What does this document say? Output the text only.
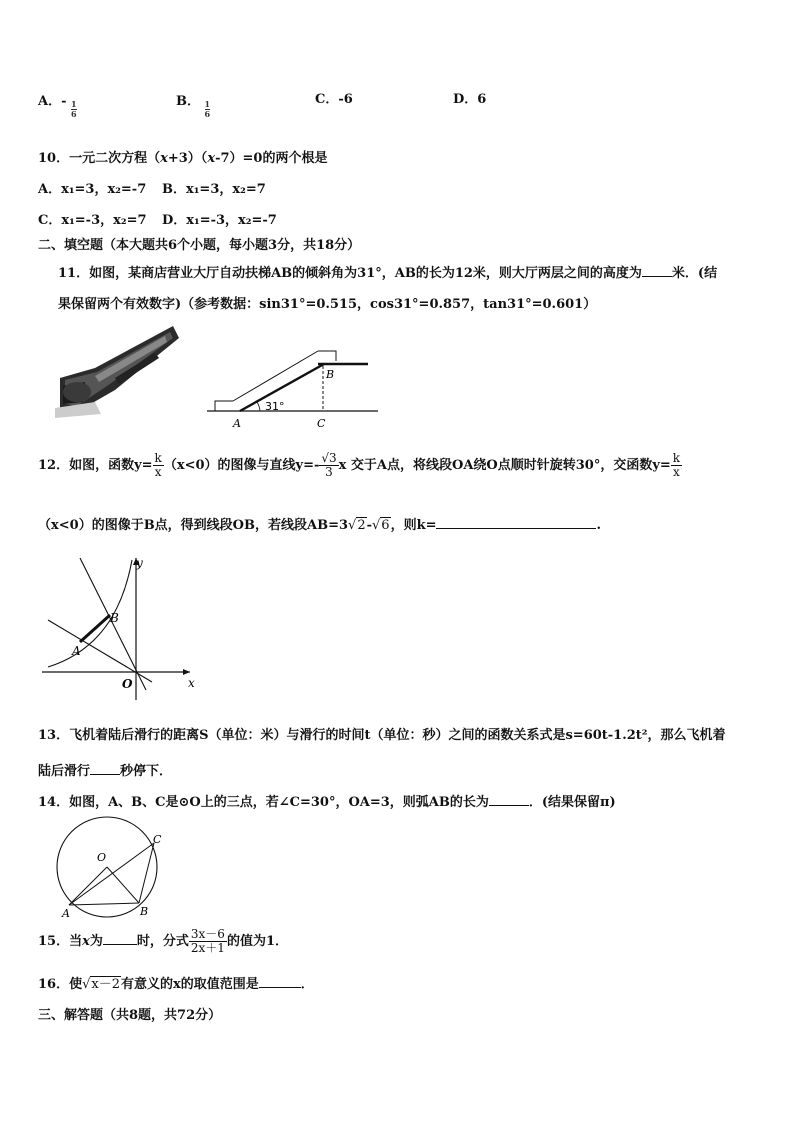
A．- $\frac{1}{6}$	B． $\frac{1}{6}$
C．-6	D．6
10．一元二次方程（x+3）（x-7）=0的两个根是
A．x₁=3，x₂=-7 B．x₁=3，x₂=7
C．x₁=-3，x₂=7 D．x₁=-3，x₂=-7
二、填空题（本大题共6个小题，每小题3分，共18分）
11．如图，某商店营业大厅自动扶梯AB的倾斜角为31°，AB的长为12米，则大厅两层之间的高度为 米．(结
果保留两个有效数字)（参考数据：sin31°=0.515，cos31°=0.857，tan31°=0.601）
31°
A
B
C
12．如图，函数$y= \frac{k}{x} (x<0)$的图像与直线$y=- \frac{√3}{3}$ x 交于A点，将线段OA绕O点顺时针旋转30°，交函数$y= \frac{k}{x}$
（x<0）的图像于B点，得到线段OB，若线段AB=3√2-√6，则k=	.
y
x
O
A
B
13．飞机着陆后滑行的距离S（单位：米）与滑行的时间t（单位：秒）之间的函数关系式是s=60t-1.2t²，那么飞机着
陆后滑行 秒停下．
14．如图，A、B、C是⊙O上的三点，若∠C=30°，OA=3，则弧AB的长为	．(结果保留π)
O
A	B
C
15．当x为	时，分式 $\frac{3x-6}{2x+1}$ 的值为1．
16．使√x－2有意义的x的取值范围是	．
三、解答题（共8题，共72分）
